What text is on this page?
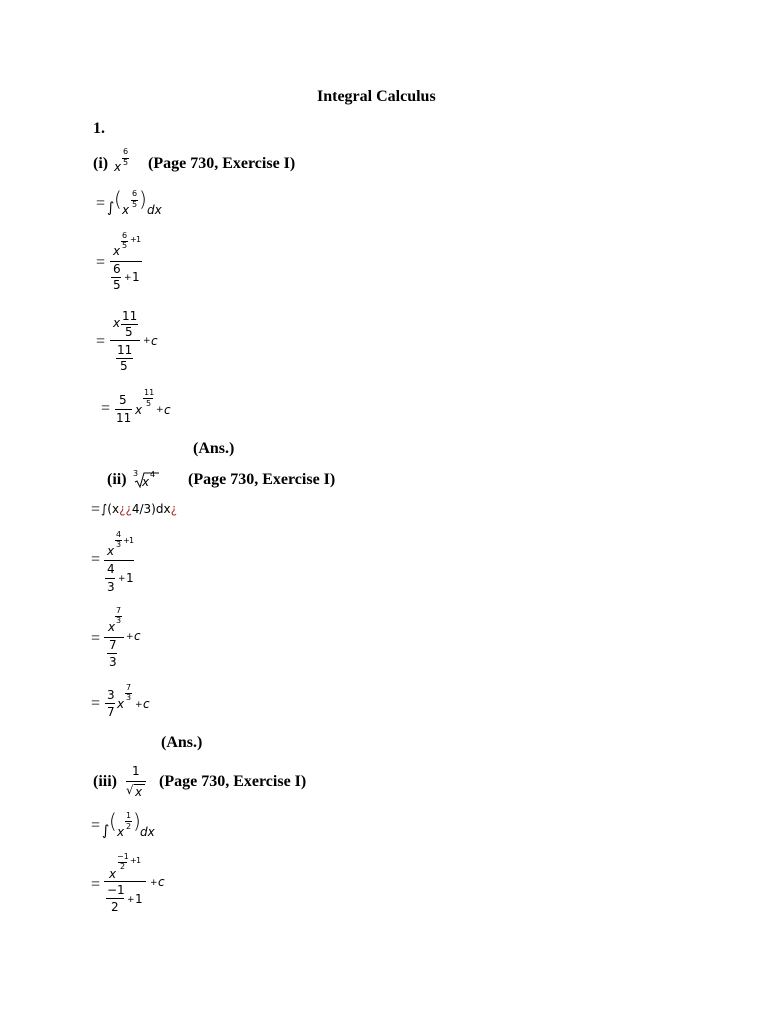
Integral Calculus
1.
(i) x
6
5 (Page 730, Exercise I)
= ∫ ( x
6
5 ) dx
=
x
6
5
+ 1
6
5 + 1
=
x 11
5
11
5
+ c
= 5
11
x
11
5
+ c
(Ans.)
(ii) 3
x
4 (Page 730, Exercise I)
= ∫(x¿¿4/3)dx¿
= x
4
3 + 1
4
3
+ 1
=
x
7
3
7
3
+ c
= 3
7
x
7
3
+ c
(Ans.)
(iii)
1
√ x
(Page 730, Exercise I)
= ∫ ( x
1
2 ) dx
=
x
−1
2
+ 1
−1
2 + 1
+ c
